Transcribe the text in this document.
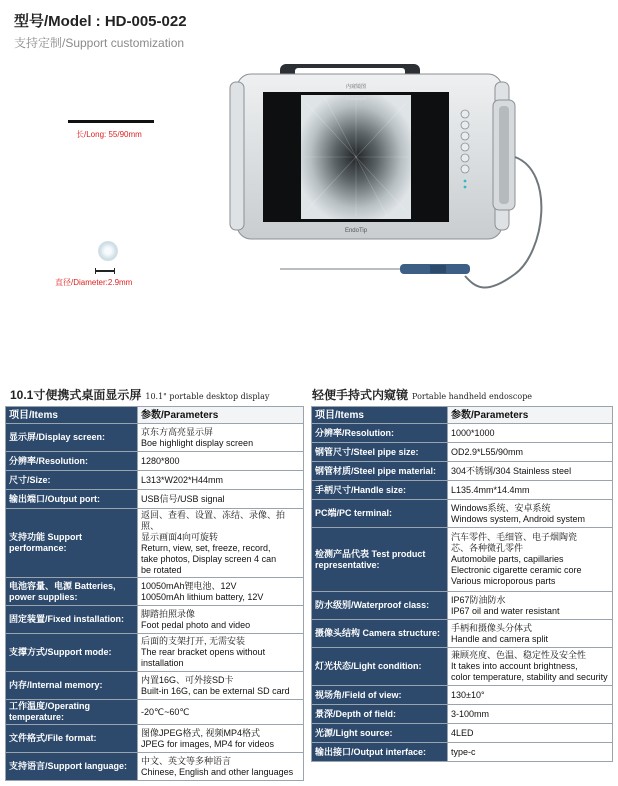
型号/Model : HD-005-022
支持定制/Support customization
长/Long: 55/90mm
直径/Diameter:2.9mm
内窥镜图
EndoSuper
EndoTip
10.1寸便携式桌面显示屏 10.1" portable desktop display	轻便手持式内窥镜 Portable handheld endoscope
项目/Items	参数/Parameters
显示屏/Display screen:	京东方高亮显示屏
Boe highlight display screen

分辨率/Resolution:	1280*800

尺寸/Size:	L313*W202*H44mm

输出端口/Output port:	USB信号/USB signal

支持功能 Support performance:	返回、查看、设置、冻结、录像、拍照、
显示画面4向可旋转
Return, view, set, freeze, record,
take photos, Display screen 4 can
be rotated

电池容量、电源 Batteries, power supplies:	10050mAh锂电池、12V
10050mAh lithium battery, 12V

固定装置/Fixed installation:	脚踏拍照录像
Foot pedal photo and video

支撑方式/Support mode:	后面的支架打开, 无需安装
The rear bracket opens without
installation

内存/Internal memory:	内置16G、可外接SD卡
Built-in 16G, can be external SD card

工作温度/Operating temperature:	-20℃~60℃

文件格式/File format:	图像JPEG格式, 视频MP4格式
JPEG for images, MP4 for videos

支持语言/Support language:	中文、英文等多种语言
Chinese, English and other languages
项目/Items	参数/Parameters
分辨率/Resolution:	1000*1000

钢管尺寸/Steel pipe size:	OD2.9*L55/90mm

钢管材质/Steel pipe material:	304不锈钢/304 Stainless steel

手柄尺寸/Handle size:	L135.4mm*14.4mm

PC端/PC terminal:	Windows系统、安卓系统
Windows system, Android system

检测产品代表 Test product representative:	汽车零件、毛细管、电子烟陶瓷
芯、各种微孔零件
Automobile parts, capillaries
Electronic cigarette ceramic core
Various microporous parts

防水级别/Waterproof class:	IP67防油防水
IP67 oil and water resistant

摄像头结构 Camera structure:	手柄和摄像头分体式
Handle and camera split

灯光状态/Light condition:	兼顾亮度、色温、稳定性及安全性
It takes into account brightness,
color temperature, stability and security

视场角/Field of view:	130±10°

景深/Depth of field:	3-100mm

光源/Light source:	4LED

输出接口/Output interface:	type-c
